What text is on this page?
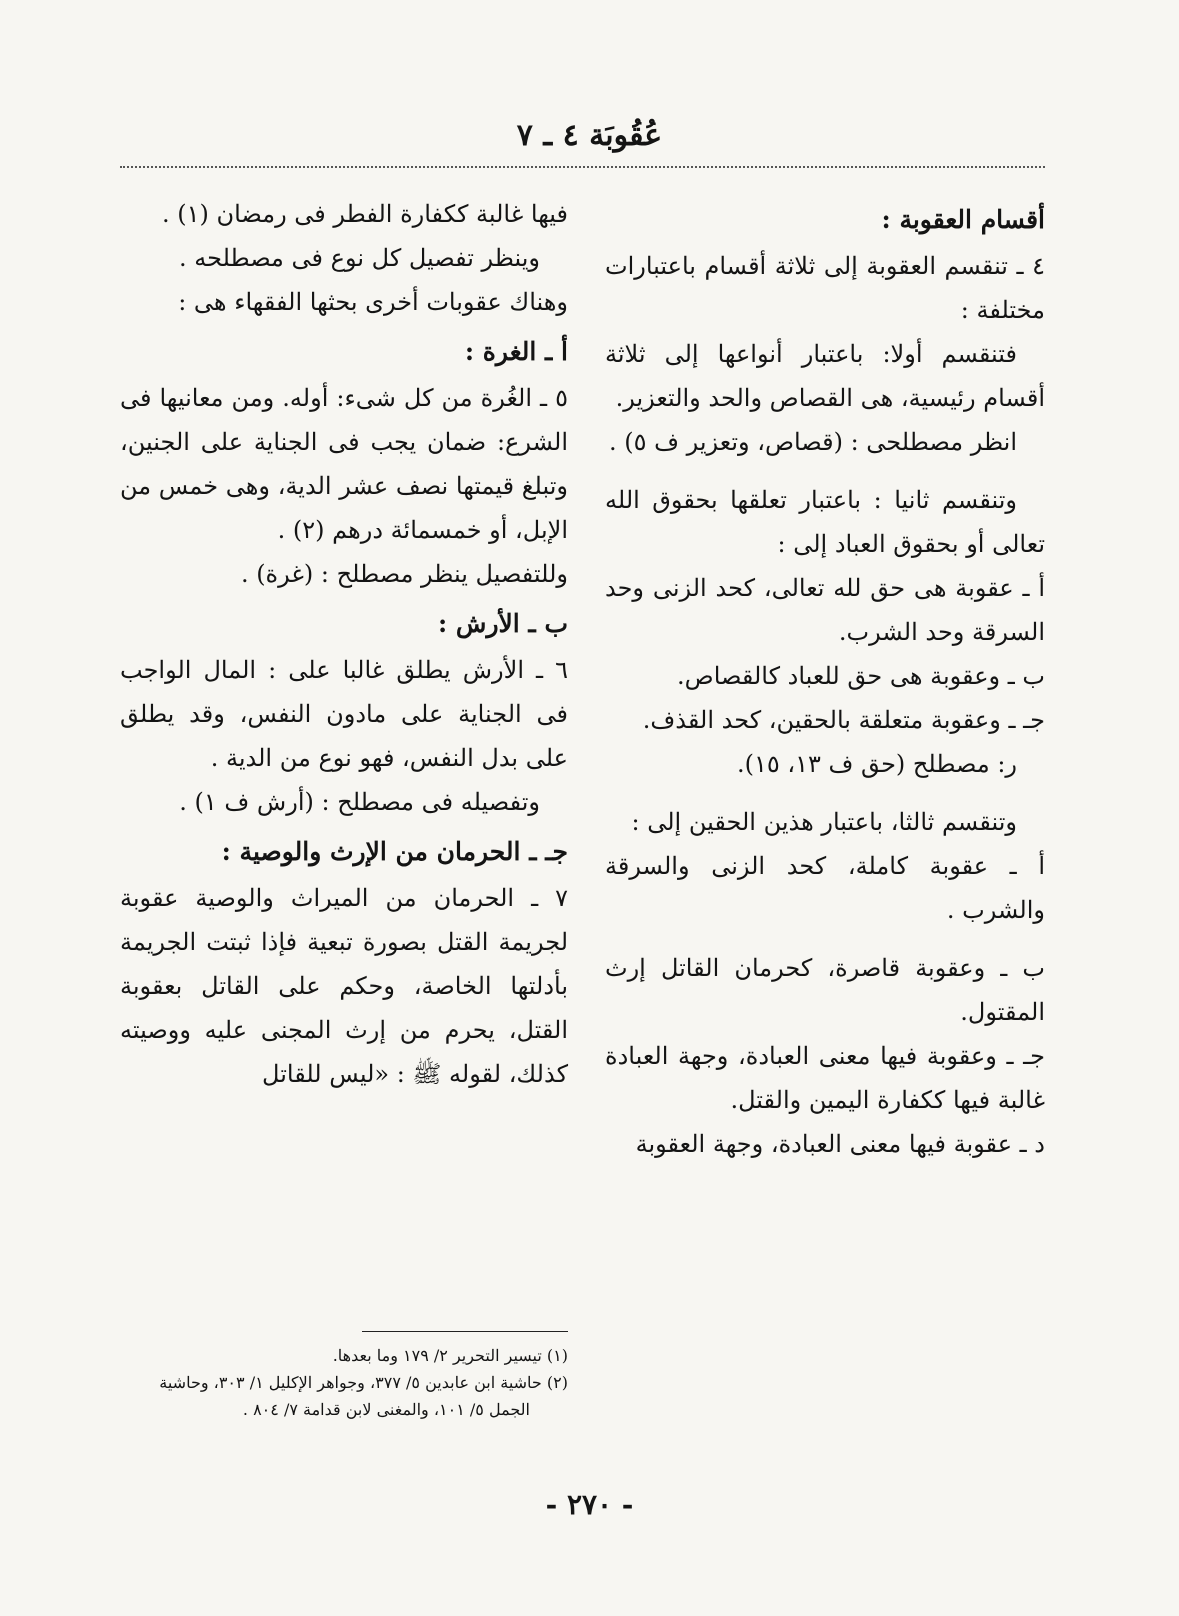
عُقُوبَة ٤ ـ ٧
أقسام العقوبة :

٤ ـ تنقسم العقوبة إلى ثلاثة أقسام باعتبارات مختلفة :

فتنقسم أولا: باعتبار أنواعها إلى ثلاثة أقسام رئيسية، هى القصاص والحد والتعزير.

انظر مصطلحى : (قصاص، وتعزير ف ٥) .

وتنقسم ثانيا : باعتبار تعلقها بحقوق الله تعالى أو بحقوق العباد إلى :

أ ـ عقوبة هى حق لله تعالى، كحد الزنى وحد السرقة وحد الشرب.

ب ـ وعقوبة هى حق للعباد كالقصاص.

جـ ـ وعقوبة متعلقة بالحقين، كحد القذف.

ر: مصطلح (حق ف ١٣، ١٥).

وتنقسم ثالثا، باعتبار هذين الحقين إلى :

أ ـ عقوبة كاملة، كحد الزنى والسرقة والشرب .

ب ـ وعقوبة قاصرة، كحرمان القاتل إرث المقتول.

جـ ـ وعقوبة فيها معنى العبادة، وجهة العبادة غالبة فيها ككفارة اليمين والقتل.

د ـ عقوبة فيها معنى العبادة، وجهة العقوبة

فيها غالبة ككفارة الفطر فى رمضان (١) .

وينظر تفصيل كل نوع فى مصطلحه .

وهناك عقوبات أخرى بحثها الفقهاء هى :

أ ـ الغرة :

٥ ـ الغُرة من كل شىء: أوله. ومن معانيها فى الشرع: ضمان يجب فى الجناية على الجنين، وتبلغ قيمتها نصف عشر الدية، وهى خمس من الإبل، أو خمسمائة درهم (٢) .

وللتفصيل ينظر مصطلح : (غرة) .

ب ـ الأرش :

٦ ـ الأرش يطلق غالبا على : المال الواجب فى الجناية على مادون النفس، وقد يطلق على بدل النفس، فهو نوع من الدية .

وتفصيله فى مصطلح : (أرش ف ١) .

جـ ـ الحرمان من الإرث والوصية :

٧ ـ الحرمان من الميراث والوصية عقوبة لجريمة القتل بصورة تبعية فإذا ثبتت الجريمة بأدلتها الخاصة، وحكم على القاتل بعقوبة القتل، يحرم من إرث المجنى عليه ووصيته كذلك، لقوله ﷺ : «ليس للقاتل

(١) تيسير التحرير ٢/ ١٧٩ وما بعدها.

(٢) حاشية ابن عابدين ٥/ ٣٧٧، وجواهر الإكليل ١/ ٣٠٣، وحاشية الجمل ٥/ ١٠١، والمغنى لابن قدامة ٧/ ٨٠٤ .

- ٢٧٠ -
